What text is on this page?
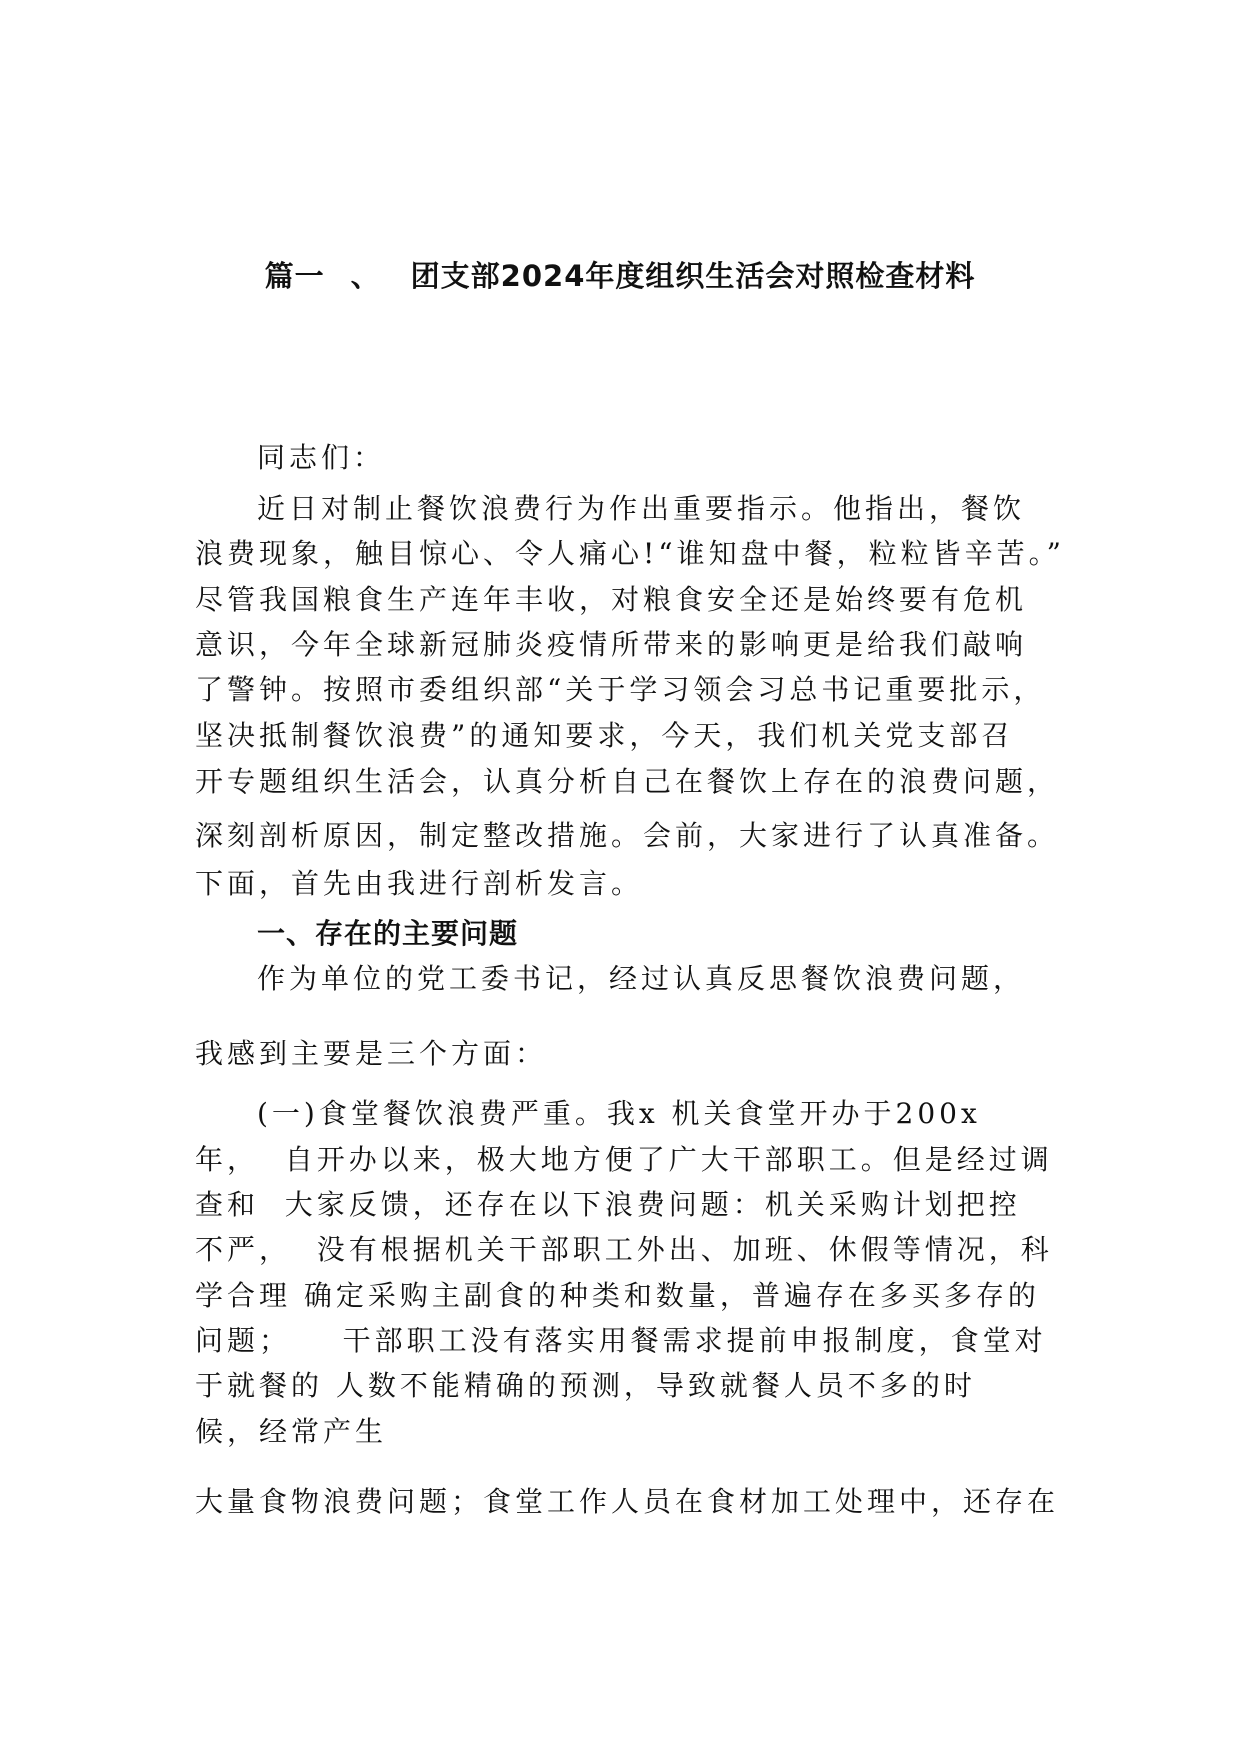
篇一 、 团支部2024年度组织生活会对照检查材料
同志们：
近日对制止餐饮浪费行为作出重要指示。他指出，餐饮
浪费现象，触目惊心、令人痛心!“谁知盘中餐，粒粒皆辛苦。”
尽管我国粮食生产连年丰收，对粮食安全还是始终要有危机
意识，今年全球新冠肺炎疫情所带来的影响更是给我们敲响
了警钟。按照市委组织部“关于学习领会习总书记重要批示，
坚决抵制餐饮浪费”的通知要求，今天，我们机关党支部召
开专题组织生活会，认真分析自己在餐饮上存在的浪费问题，
深刻剖析原因，制定整改措施。会前，大家进行了认真准备。
下面，首先由我进行剖析发言。
一、存在的主要问题
作为单位的党工委书记，经过认真反思餐饮浪费问题，
我感到主要是三个方面：
(一)食堂餐饮浪费严重。我x 机关食堂开办于200x
年，  自开办以来，极大地方便了广大干部职工。但是经过调
查和  大家反馈，还存在以下浪费问题：机关采购计划把控
不严，  没有根据机关干部职工外出、加班、休假等情况，科
学合理 确定采购主副食的种类和数量，普遍存在多买多存的
问题；    干部职工没有落实用餐需求提前申报制度，食堂对
于就餐的 人数不能精确的预测，导致就餐人员不多的时
候，经常产生
大量食物浪费问题；食堂工作人员在食材加工处理中，还存在
